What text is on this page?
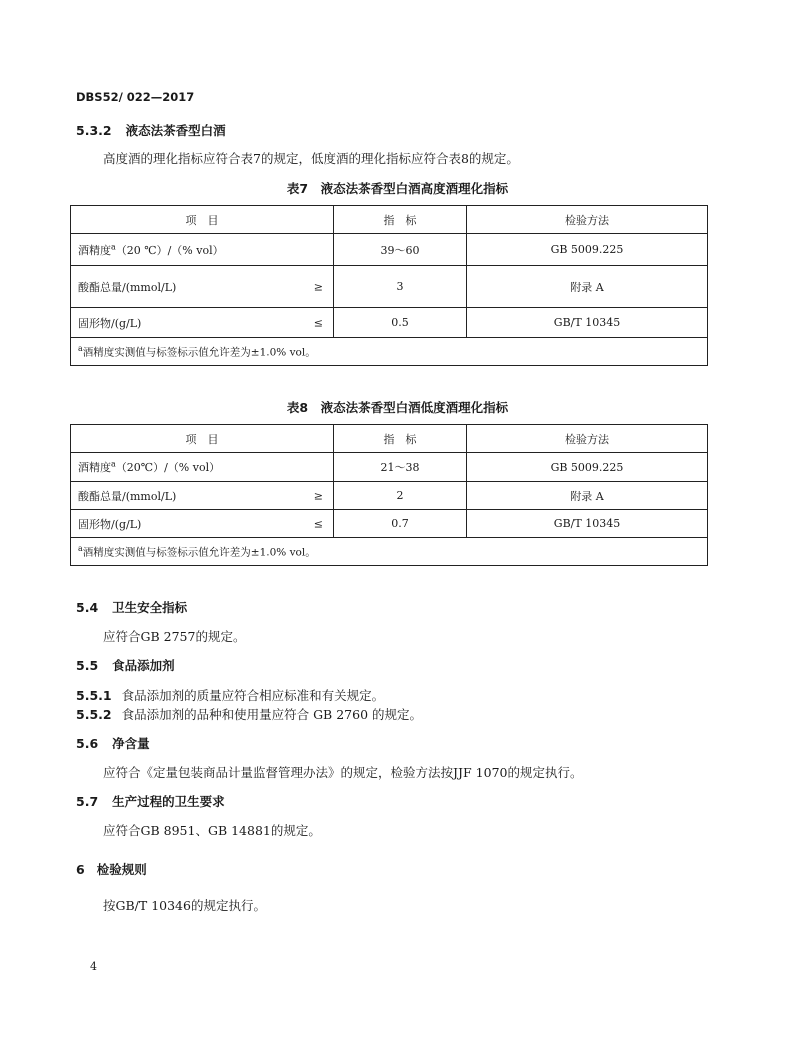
DBS52/ 022—2017
5.3.2 液态法茶香型白酒
高度酒的理化指标应符合表7的规定，低度酒的理化指标应符合表8的规定。
表7　液态法茶香型白酒高度酒理化指标
项　目	指　标	检验方法
酒精度$^a$（20 ℃）/（% vol）	39～60	GB 5009.225
酸酯总量/(mmol/L) ≥	3	附录 A
固形物/(g/L) ≤	0.5	GB/T 10345
$^a$酒精度实测值与标签标示值允许差为±1.0% vol。		
表8　液态法茶香型白酒低度酒理化指标
项　目	指　标	检验方法
酒精度$^a$（20℃）/（% vol）	21～38	GB 5009.225
酸酯总量/(mmol/L) ≥	2	附录 A
固形物/(g/L) ≤	0.7	GB/T 10345
$^a$酒精度实测值与标签标示值允许差为±1.0% vol。		
5.4 卫生安全指标
应符合GB 2757的规定。
5.5 食品添加剂
5.5.1 食品添加剂的质量应符合相应标准和有关规定。
5.5.2 食品添加剂的品种和使用量应符合 GB 2760 的规定。
5.6 净含量
应符合《定量包装商品计量监督管理办法》的规定，检验方法按JJF 1070的规定执行。
5.7 生产过程的卫生要求
应符合GB 8951、GB 14881的规定。
6 检验规则
按GB/T 10346的规定执行。
4
